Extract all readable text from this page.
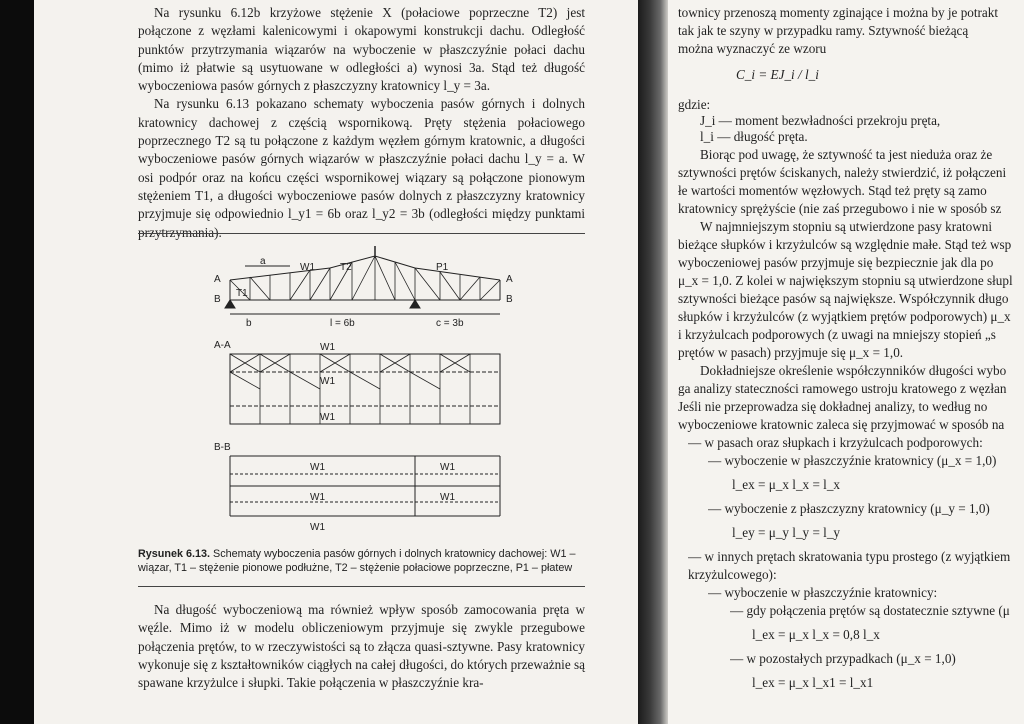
Na rysunku 6.12b krzyżowe stężenie X (połaciowe poprzeczne T2) jest połączone z węzłami kalenicowymi i okapowymi konstrukcji dachu. Odległość punktów przytrzymania wiązarów na wyboczenie w płaszczyźnie połaci dachu (mimo iż płatwie są usytuowane w odległości a) wynosi 3a. Stąd też długość wyboczeniowa pasów górnych z płaszczyzny kratownicy l_y = 3a.

Na rysunku 6.13 pokazano schematy wyboczenia pasów górnych i dolnych kratownicy dachowej z częścią wspornikową. Pręty stężenia połaciowego poprzecznego T2 są tu połączone z każdym węzłem górnym kratownic, a długości wyboczeniowe pasów górnych wiązarów w płaszczyźnie połaci dachu l_y = a. W osi podpór oraz na końcu części wspornikowej wiązary są połączone pionowym stężeniem T1, a długości wyboczeniowe pasów dolnych z płaszczyzny kratownicy przyjmuje się odpowiednio l_y1 = 6b oraz l_y2 = 3b (odległości między punktami

a
W1	T2	P1
A	A
B	B
T1
b	l = 6b	c = 3b
A-A	W1
W1
W1
B-B
W1	W1
W1	W1
W1
Rysunek 6.13. Schematy wyboczenia pasów górnych i dolnych kratownicy dachowej: W1 – wiązar, T1 – stężenie pionowe podłużne, T2 – stężenie połaciowe poprzeczne, P1 – płatew

Na długość wyboczeniową ma również wpływ sposób zamocowania pręta w węźle. Mimo iż w modelu obliczeniowym przyjmuje się zwykle przegubowe połączenia prętów, to w rzeczywistości są to złącza quasi-sztywne. Pasy kratownicy wykonuje się z kształtowników ciągłych na całej długości, do których przeważnie są spawane krzyżulce i słupki. Takie połączenia w płaszczyźnie kra-

townicy przenoszą momenty zginające i można by je potrakt
tak jak te szyny w przypadku ramy. Sztywność bieżącą
można wyznaczyć ze wzoru
gdzie:
J_i — moment bezwładności przekroju pręta,
l_i — długość pręta.
Biorąc pod uwagę, że sztywność ta jest nieduża oraz że
sztywności prętów ściskanych, należy stwierdzić, iż połączeni
łe wartości momentów węzłowych. Stąd też pręty są zamo
kratownicy sprężyście (nie zaś przegubowo i nie w sposób sz
W najmniejszym stopniu są utwierdzone pasy kratowni
bieżące słupków i krzyżulców są względnie małe. Stąd też wsp
wyboczeniowej pasów przyjmuje się bezpiecznie jak dla po
μ_x = 1,0. Z kolei w największym stopniu są utwierdzone słupl
sztywności bieżące pasów są największe. Współczynnik długo
słupków i krzyżulców (z wyjątkiem prętów podporowych) μ_x
i krzyżulcach podporowych (z uwagi na mniejszy stopień „s
prętów w pasach) przyjmuje się μ_x = 1,0.
Dokładniejsze określenie współczynników długości wybo
ga analizy stateczności ramowego ustroju kratowego z węzłan
Jeśli nie przeprowadza się dokładnej analizy, to według no
wyboczeniowe kratownic zaleca się przyjmować w sposób na
— w pasach oraz słupkach i krzyżulcach podporowych:
— wyboczenie w płaszczyźnie kratownicy (μ_x = 1,0)
l_ex = μ_x l_x = l_x
— wyboczenie z płaszczyzny kratownicy (μ_y = 1,0)
l_ey = μ_y l_y = l_y
— w innych prętach skratowania typu prostego (z wyjątkiem
krzyżulcowego):
— wyboczenie w płaszczyźnie kratownicy:
— gdy połączenia prętów są dostatecznie sztywne (μ
l_ex = μ_x l_x = 0,8 l_x
— w pozostałych przypadkach (μ_x = 1,0)
l_ex = μ_x l_x1 = l_x1
C_i = EJ_i / l_i
